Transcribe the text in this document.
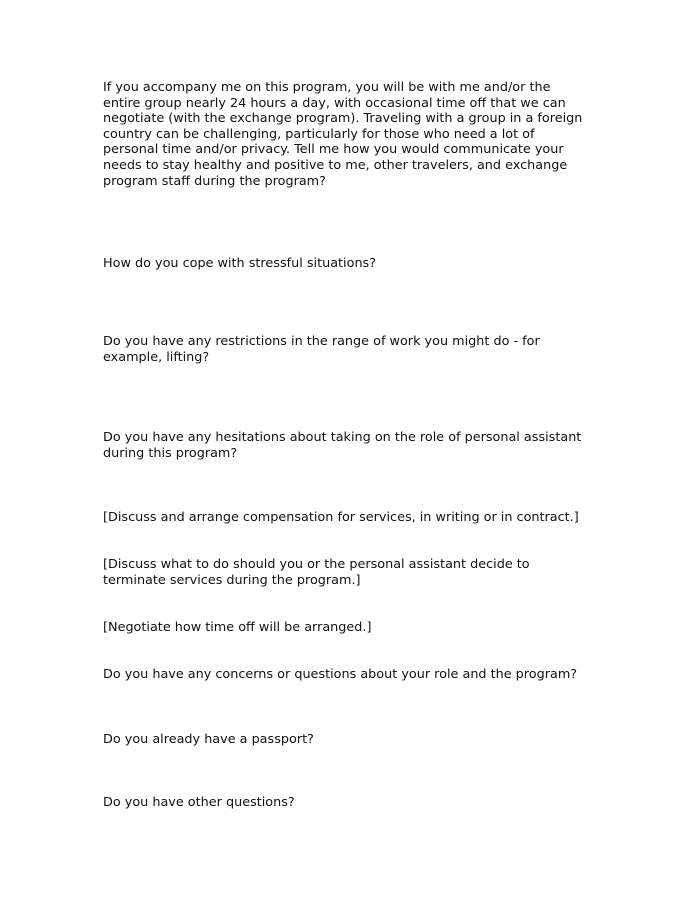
If you accompany me on this program, you will be with me and/or the entire group nearly 24 hours a day, with occasional time off that we can negotiate (with the exchange program). Traveling with a group in a foreign country can be challenging, particularly for those who need a lot of personal time and/or privacy. Tell me how you would communicate your needs to stay healthy and positive to me, other travelers, and exchange program staff during the program?

How do you cope with stressful situations?

Do you have any restrictions in the range of work you might do - for example, lifting?

Do you have any hesitations about taking on the role of personal assistant during this program?

[Discuss and arrange compensation for services, in writing or in contract.]

[Discuss what to do should you or the personal assistant decide to terminate services during the program.]

[Negotiate how time off will be arranged.]

Do you have any concerns or questions about your role and the program?

Do you already have a passport?

Do you have other questions?
